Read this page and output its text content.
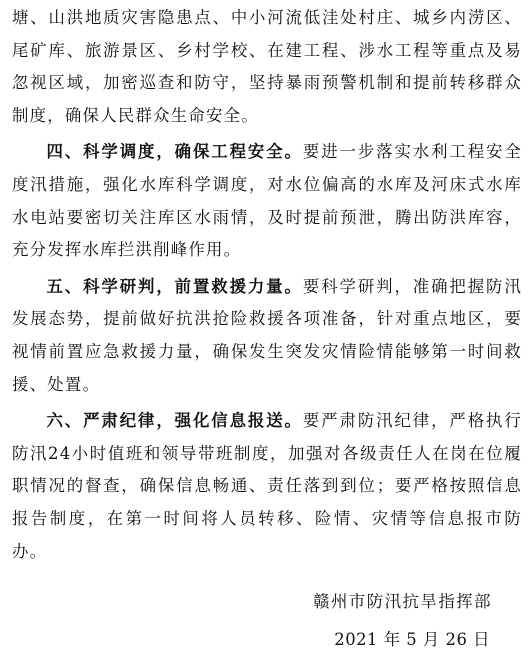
塘、山洪地质灾害隐患点、中小河流低洼处村庄、城乡内涝区、尾矿库、旅游景区、乡村学校、在建工程、涉水工程等重点及易忽视区域，加密巡查和防守，坚持暴雨预警机制和提前转移群众制度，确保人民群众生命安全。

四、科学调度，确保工程安全。要进一步落实水利工程安全度汛措施，强化水库科学调度，对水位偏高的水库及河床式水库水电站要密切关注库区水雨情，及时提前预泄，腾出防洪库容，充分发挥水库拦洪削峰作用。

五、科学研判，前置救援力量。要科学研判，准确把握防汛发展态势，提前做好抗洪抢险救援各项准备，针对重点地区，要视情前置应急救援力量，确保发生突发灾情险情能够第一时间救援、处置。

六、严肃纪律，强化信息报送。要严肃防汛纪律，严格执行防汛24小时值班和领导带班制度，加强对各级责任人在岗在位履职情况的督查，确保信息畅通、责任落到到位；要严格按照信息报告制度，在第一时间将人员转移、险情、灾情等信息报市防办。

赣州市防汛抗旱指挥部
2021 年 5 月 26 日
